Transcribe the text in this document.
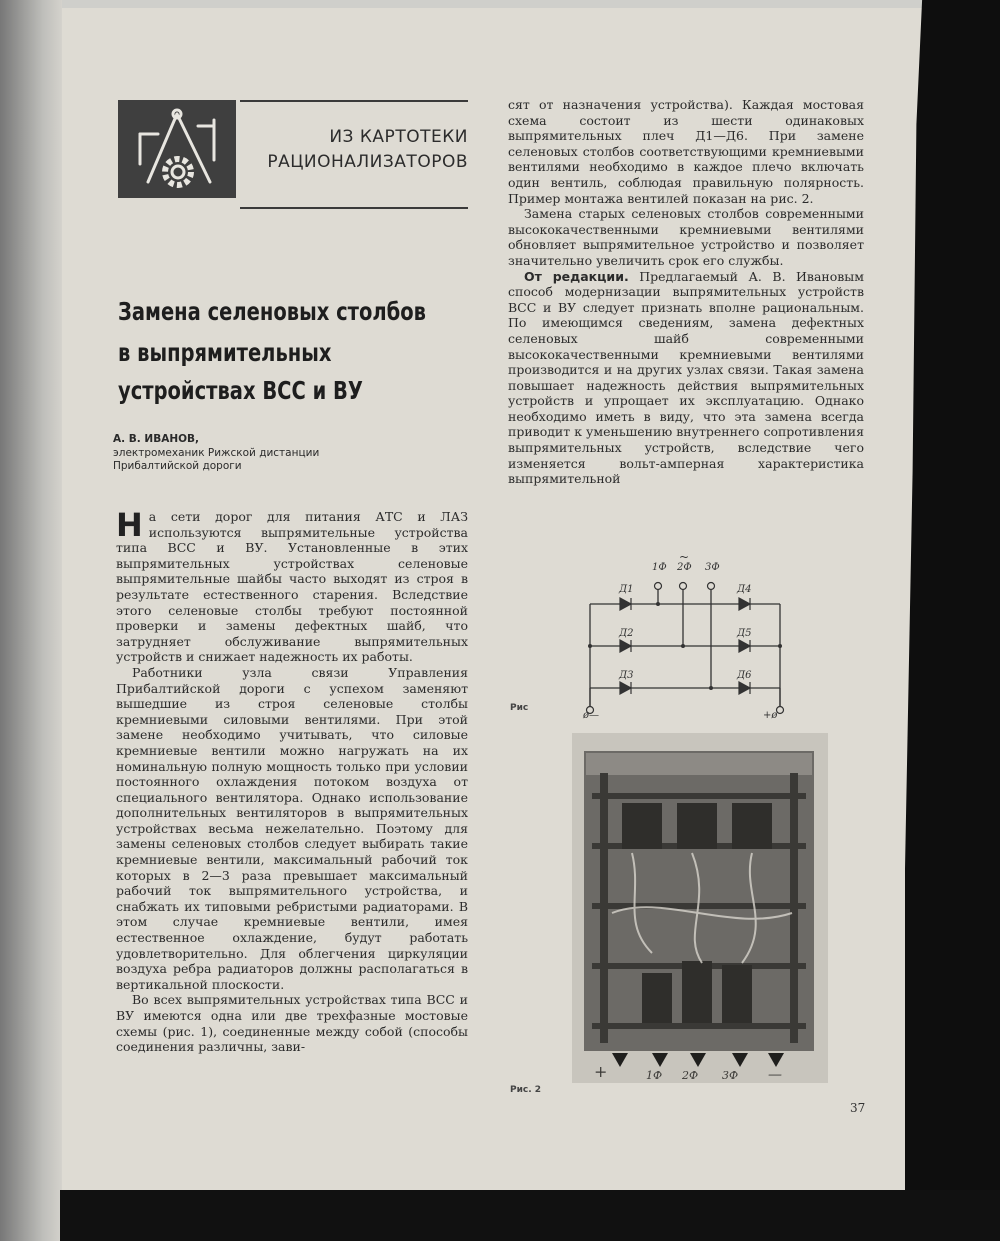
ИЗ КАРТОТЕКИ
РАЦИОНАЛИЗАТОРОВ
Замена селеновых столбов
в выпрямительных
устройствах ВСС и ВУ
А. В. ИВАНОВ,
электромеханик Рижской дистанции
Прибалтийской дороги

На сети дорог для питания АТС и ЛАЗ используются выпрямительные устройства типа ВСС и ВУ. Установленные в этих выпрямительных устройствах селеновые выпрямительные шайбы часто выходят из строя в результате естественного старения. Вследствие этого селеновые столбы требуют постоянной проверки и замены дефектных шайб, что затрудняет обслуживание выпрямительных устройств и снижает надежность их работы.

Работники узла связи Управления Прибалтийской дороги с успехом заменяют вышедшие из строя селеновые столбы кремниевыми силовыми вентилями. При этой замене необходимо учитывать, что силовые кремниевые вентили можно нагружать на их номинальную полную мощность только при условии постоянного охлаждения потоком воздуха от специального вентилятора. Однако использование дополнительных вентиляторов в выпрямительных устройствах весьма нежелательно. Поэтому для замены селеновых столбов следует выбирать такие кремниевые вентили, максимальный рабочий ток которых в 2—3 раза превышает максимальный рабочий ток выпрямительного устройства, и снабжать их типовыми ребристыми радиаторами. В этом случае кремниевые вентили, имея естественное охлаждение, будут работать удовлетворительно. Для облегчения циркуляции воздуха ребра радиаторов должны располагаться в вертикальной плоскости.

Во всех выпрямительных устройствах типа ВСС и ВУ имеются одна или две трехфазные мостовые схемы (рис. 1), соединенные между собой (способы соединения различны, зави-

сят от назначения устройства). Каждая мостовая схема состоит из шести одинаковых выпрямительных плеч Д1—Д6. При замене селеновых столбов соответствующими кремниевыми вентилями необходимо в каждое плечо включать один вентиль, соблюдая правильную полярность. Пример монтажа вентилей показан на рис. 2.

Замена старых селеновых столбов современными высококачественными кремниевыми вентилями обновляет выпрямительное устройство и позволяет значительно увеличить срок его службы.

От редакции. Предлагаемый А. В. Ивановым способ модернизации выпрямительных устройств ВСС и ВУ следует признать вполне рациональным. По имеющимся сведениям, замена дефектных селеновых шайб современными высококачественными кремниевыми вентилями производится и на других узлах связи. Такая замена повышает надежность действия выпрямительных устройств и упрощает их эксплуатацию. Однако необходимо иметь в виду, что эта замена всегда приводит к уменьшению внутреннего сопротивления выпрямительных устройств, вследствие чего изменяется вольт-амперная характеристика выпрямительной

1Ф 2Ф 3Ф
~
Д1
Д2
Д3
Д4
Д5
Д6
ø—	+ø
Рис
+	1Ф 2Ф 3Ф —
Рис. 2
37
